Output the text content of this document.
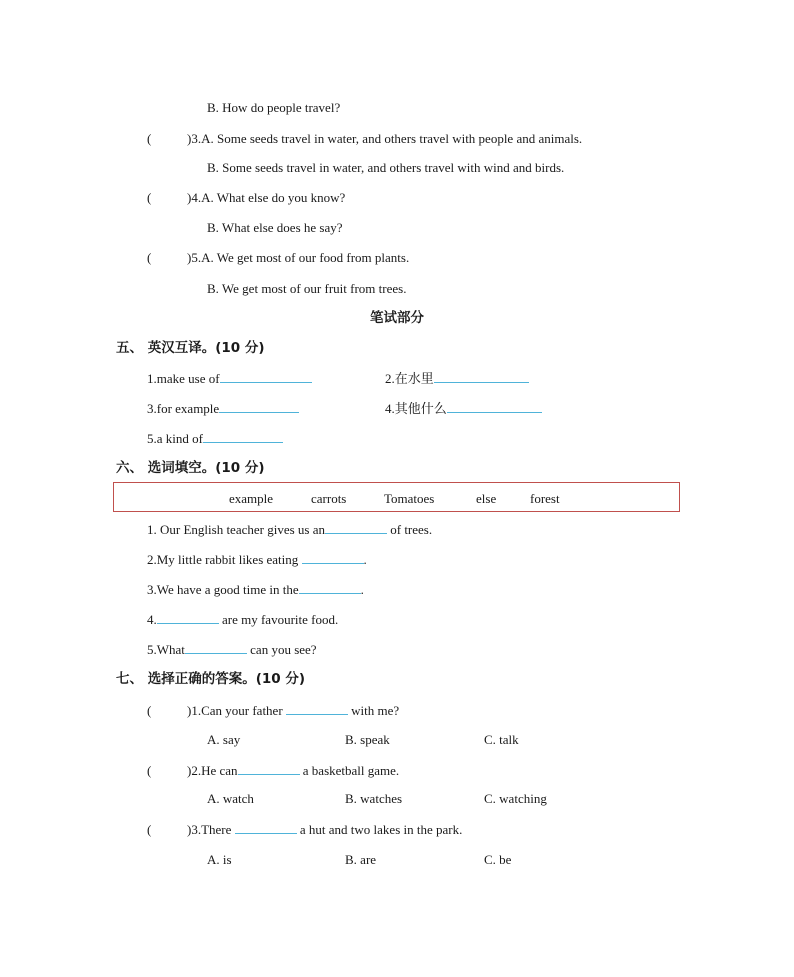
B. How do people travel?
(	)3.A. Some seeds travel in water, and others travel with people and animals.
B. Some seeds travel in water, and others travel with wind and birds.
(	)4.A. What else do you know?
B. What else does he say?
(	)5.A. We get most of our food from plants.
B. We get most of our fruit from trees.
笔试部分
五、 英汉互译。(10 分)
1.make use of	2.在水里
3.for example	4.其他什么
5.a kind of
六、 选词填空。(10 分)
example	carrots	Tomatoes	else	forest
1. Our English teacher gives us an	of trees.
2.My little rabbit likes eating	.
3.We have a good time in the	.
4.	are my favourite food.
5.What	can you see?
七、 选择正确的答案。(10 分)
(	)1.Can your father	with me?
A. say	B. speak	C. talk
(	)2.He can	a basketball game.
A. watch	B. watches	C. watching
(	)3.There	a hut and two lakes in the park.
A. is	B. are	C. be
